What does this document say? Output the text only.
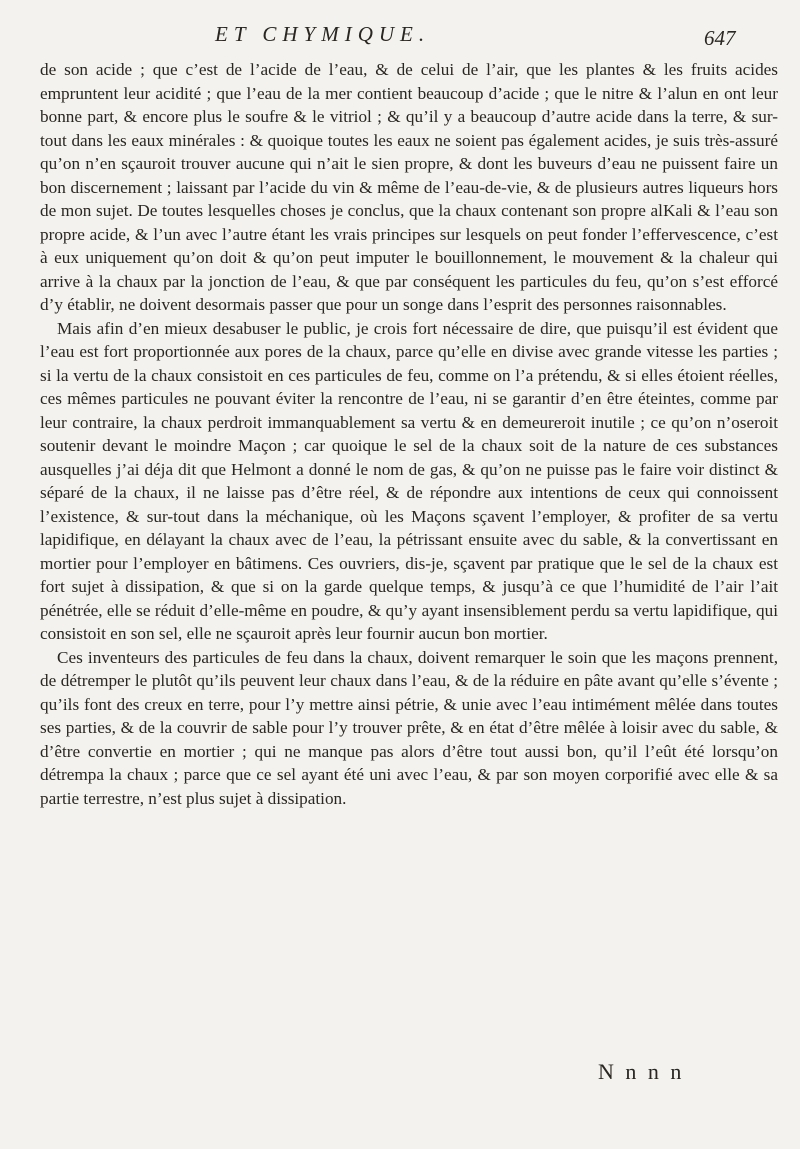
ET CHYMIQUE.	647

de son acide ; que c’est de l’acide de l’eau, & de celui de l’air, que les plantes & les fruits acides empruntent leur acidité ; que l’eau de la mer contient beaucoup d’acide ; que le nitre & l’alun en ont leur bonne part, & encore plus le soufre & le vitriol ; & qu’il y a beaucoup d’autre acide dans la terre, & sur-tout dans les eaux minérales : & quoique toutes les eaux ne soient pas également acides, je suis très-assuré qu’on n’en sçauroit trouver aucune qui n’ait le sien propre, & dont les buveurs d’eau ne puissent faire un bon discernement ; laissant par l’acide du vin & même de l’eau-de-vie, & de plusieurs autres liqueurs hors de mon sujet. De toutes lesquelles choses je conclus, que la chaux contenant son propre alKali & l’eau son propre acide, & l’un avec l’autre étant les vrais principes sur lesquels on peut fonder l’effervescence, c’est à eux uniquement qu’on doit & qu’on peut imputer le bouillonnement, le mouvement & la chaleur qui arrive à la chaux par la jonction de l’eau, & que par conséquent les particules du feu, qu’on s’est efforcé d’y établir, ne doivent desormais passer que pour un songe dans l’esprit des personnes raisonnables.

Mais afin d’en mieux desabuser le public, je crois fort nécessaire de dire, que puisqu’il est évident que l’eau est fort proportionnée aux pores de la chaux, parce qu’elle en divise avec grande vitesse les parties ; si la vertu de la chaux consistoit en ces particules de feu, comme on l’a prétendu, & si elles étoient réelles, ces mêmes particules ne pouvant éviter la rencontre de l’eau, ni se garantir d’en être éteintes, comme par leur contraire, la chaux perdroit immanquablement sa vertu & en demeureroit inutile ; ce qu’on n’oseroit soutenir devant le moindre Maçon ; car quoique le sel de la chaux soit de la nature de ces substances ausquelles j’ai déja dit que Helmont a donné le nom de gas, & qu’on ne puisse pas le faire voir distinct & séparé de la chaux, il ne laisse pas d’être réel, & de répondre aux intentions de ceux qui connoissent l’existence, & sur-tout dans la méchanique, où les Maçons sçavent l’employer, & profiter de sa vertu lapidifique, en délayant la chaux avec de l’eau, la pétrissant ensuite avec du sable, & la convertissant en mortier pour l’employer en bâtimens. Ces ouvriers, dis-je, sçavent par pratique que le sel de la chaux est fort sujet à dissipation, & que si on la garde quelque temps, & jusqu’à ce que l’humidité de l’air l’ait pénétrée, elle se réduit d’elle-même en poudre, & qu’y ayant insensiblement perdu sa vertu lapidifique, qui consistoit en son sel, elle ne sçauroit après leur fournir aucun bon mortier.

Ces inventeurs des particules de feu dans la chaux, doivent remarquer le soin que les maçons prennent, de détremper le plutôt qu’ils peuvent leur chaux dans l’eau, & de la réduire en pâte avant qu’elle s’évente ; qu’ils font des creux en terre, pour l’y mettre ainsi pétrie, & unie avec l’eau intimément mêlée dans toutes ses parties, & de la couvrir de sable pour l’y trouver prête, & en état d’être mêlée à loisir avec du sable, & d’être convertie en mortier ; qui ne manque pas alors d’être tout aussi bon, qu’il l’eût été lorsqu’on détrempa la chaux ; parce que ce sel ayant été uni avec l’eau, & par son moyen corporifié avec elle & sa partie terrestre, n’est plus sujet à dissipation.

N n n n
